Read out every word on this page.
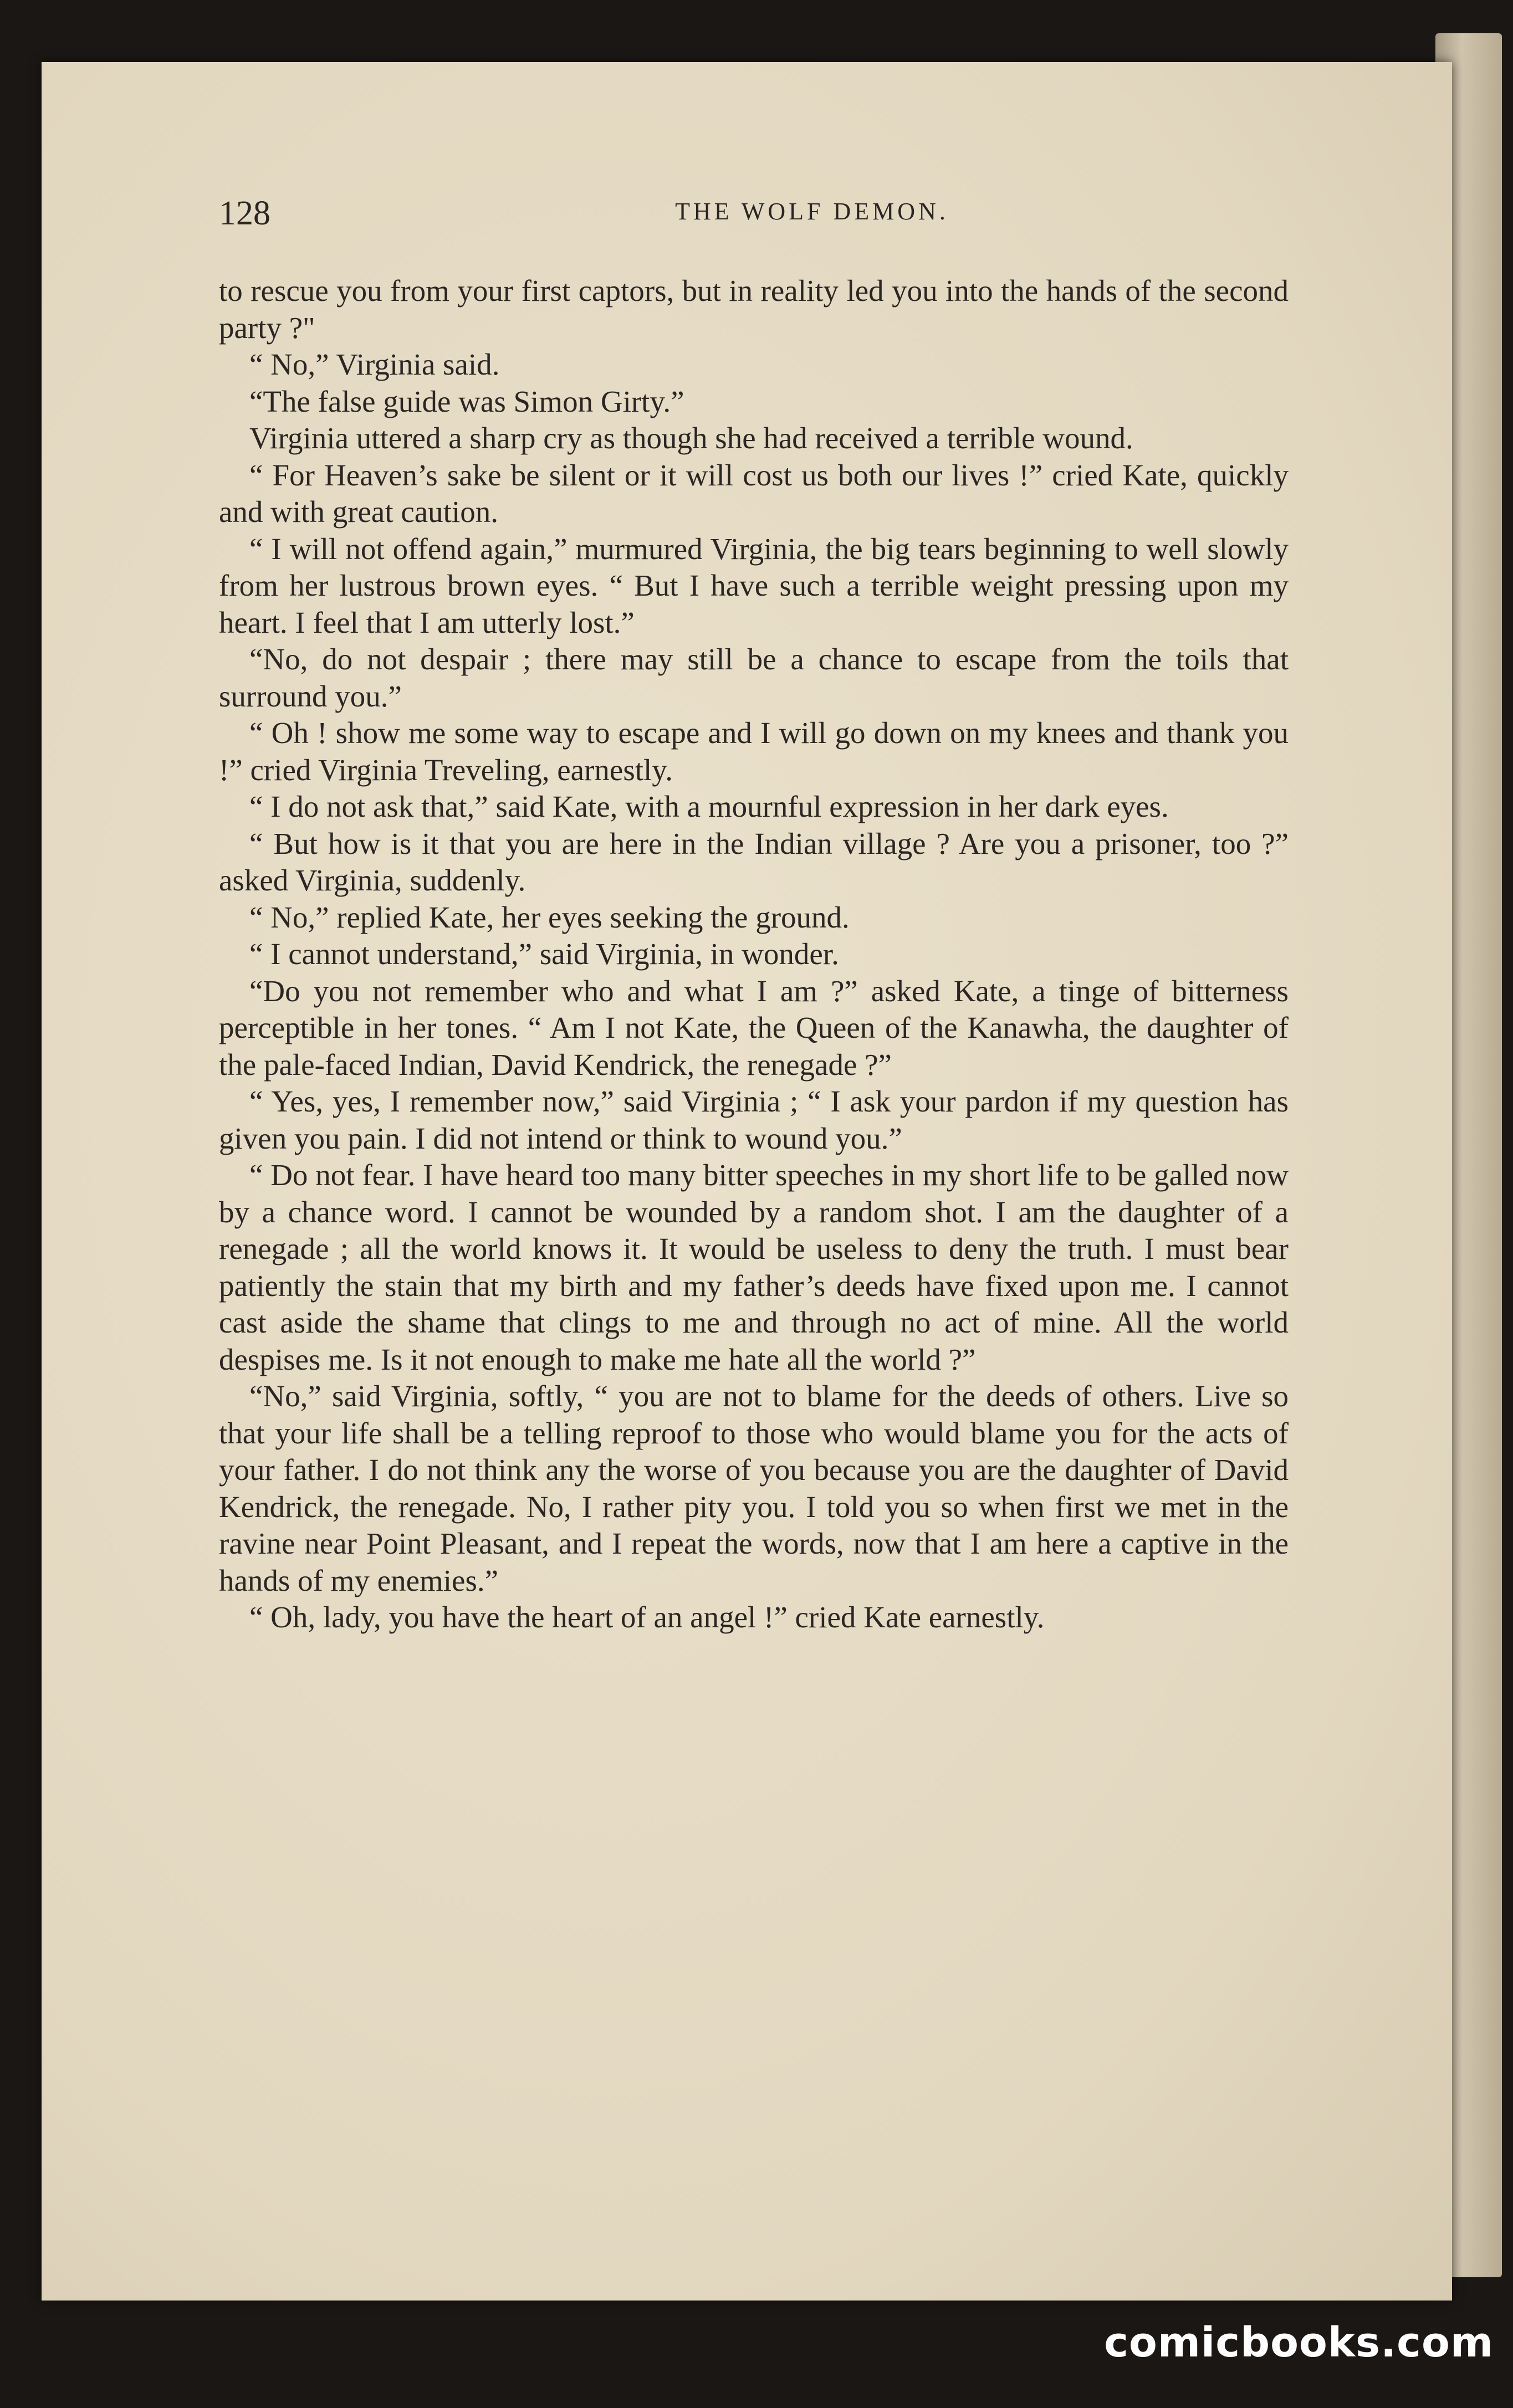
128	THE WOLF DEMON.

to rescue you from your first captors, but in reality led you into the hands of the second party ?"

“ No,” Virginia said.

“The false guide was Simon Girty.”

Virginia uttered a sharp cry as though she had received a terrible wound.

“ For Heaven’s sake be silent or it will cost us both our lives !” cried Kate, quickly and with great caution.

“ I will not offend again,” murmured Virginia, the big tears beginning to well slowly from her lustrous brown eyes. “ But I have such a terrible weight pressing upon my heart. I feel that I am utterly lost.”

“No, do not despair ; there may still be a chance to escape from the toils that surround you.”

“ Oh ! show me some way to escape and I will go down on my knees and thank you !” cried Virginia Treveling, earnestly.

“ I do not ask that,” said Kate, with a mournful expression in her dark eyes.

“ But how is it that you are here in the Indian village ? Are you a prisoner, too ?” asked Virginia, suddenly.

“ No,” replied Kate, her eyes seeking the ground.

“ I cannot understand,” said Virginia, in wonder.

“Do you not remember who and what I am ?” asked Kate, a tinge of bitterness perceptible in her tones. “ Am I not Kate, the Queen of the Kanawha, the daughter of the pale-faced Indian, David Kendrick, the renegade ?”

“ Yes, yes, I remember now,” said Virginia ; “ I ask your pardon if my question has given you pain. I did not intend or think to wound you.”

“ Do not fear. I have heard too many bitter speeches in my short life to be galled now by a chance word. I cannot be wounded by a random shot. I am the daughter of a renegade ; all the world knows it. It would be useless to deny the truth. I must bear patiently the stain that my birth and my father’s deeds have fixed upon me. I cannot cast aside the shame that clings to me and through no act of mine. All the world despises me. Is it not enough to make me hate all the world ?”

“No,” said Virginia, softly, “ you are not to blame for the deeds of others. Live so that your life shall be a telling reproof to those who would blame you for the acts of your father. I do not think any the worse of you because you are the daughter of David Kendrick, the renegade. No, I rather pity you. I told you so when first we met in the ravine near Point Pleasant, and I repeat the words, now that I am here a captive in the hands of my enemies.”

“ Oh, lady, you have the heart of an angel !” cried Kate earnestly.

comicbooks.com
